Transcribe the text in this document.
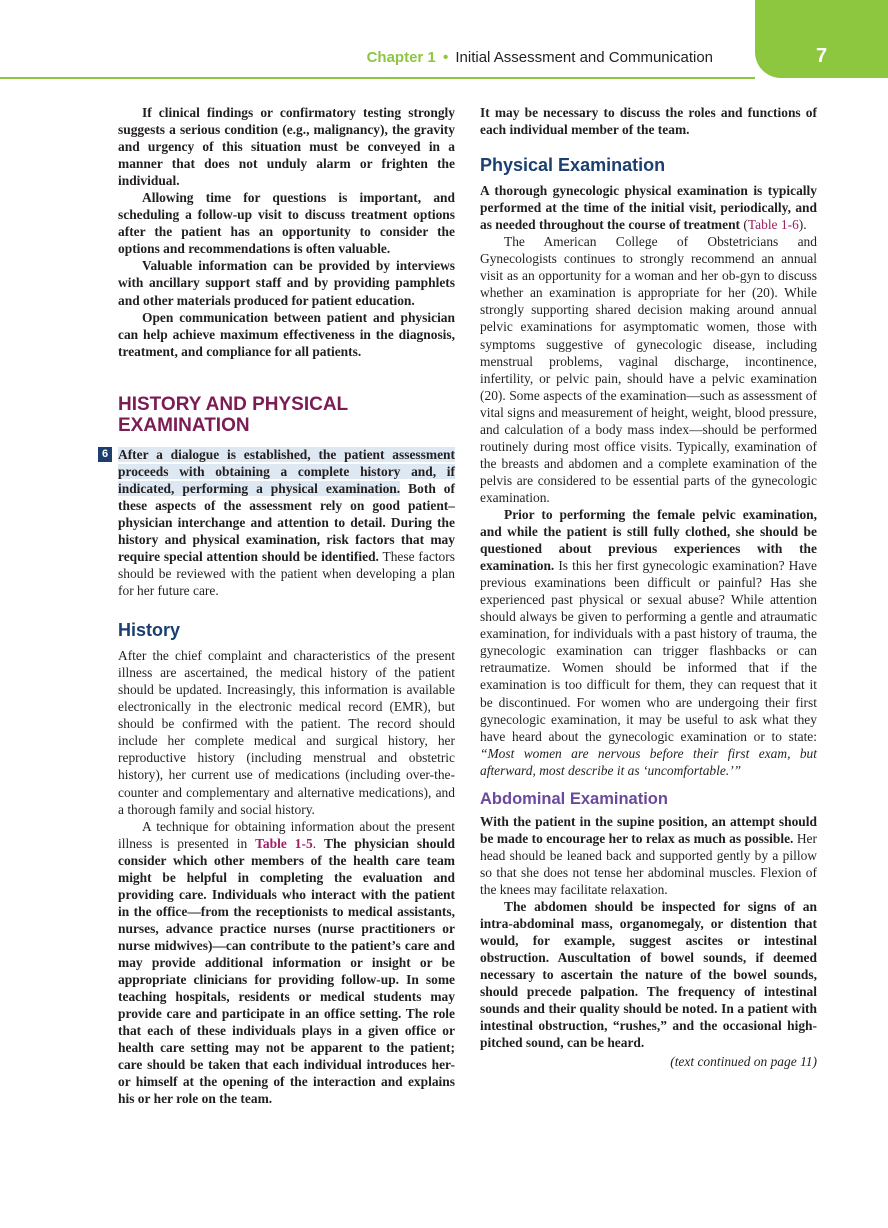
Chapter 1 • Initial Assessment and Communication	7

If clinical findings or confirmatory testing strongly suggests a serious condition (e.g., malignancy), the gravity and urgency of this situation must be conveyed in a manner that does not unduly alarm or frighten the individual.

Allowing time for questions is important, and scheduling a follow-up visit to discuss treatment options after the patient has an opportunity to consider the options and recommendations is often valuable.

Valuable information can be provided by interviews with ancillary support staff and by providing pamphlets and other materials produced for patient education.

Open communication between patient and physician can help achieve maximum effectiveness in the diagnosis, treatment, and compliance for all patients.

HISTORY AND PHYSICAL EXAMINATION

6 After a dialogue is established, the patient assessment proceeds with obtaining a complete history and, if indicated, performing a physical examination. Both of these aspects of the assessment rely on good patient–physician interchange and attention to detail. During the history and physical examination, risk factors that may require special attention should be identified. These factors should be reviewed with the patient when developing a plan for her future care.

History

After the chief complaint and characteristics of the present illness are ascertained, the medical history of the patient should be updated. Increasingly, this information is available electronically in the electronic medical record (EMR), but should be confirmed with the patient. The record should include her complete medical and surgical history, her reproductive history (including menstrual and obstetric history), her current use of medications (including over-the-counter and complementary and alternative medications), and a thorough family and social history.

A technique for obtaining information about the present illness is presented in Table 1-5. The physician should consider which other members of the health care team might be helpful in completing the evaluation and providing care. Individuals who interact with the patient in the office—from the receptionists to medical assistants, nurses, advance practice nurses (nurse practitioners or nurse midwives)—can contribute to the patient’s care and may provide additional information or insight or be appropriate clinicians for providing follow-up. In some teaching hospitals, residents or medical students may provide care and participate in an office setting. The role that each of these individuals plays in a given office or health care setting may not be apparent to the patient; care should be taken that each individual introduces her- or himself at the opening of the interaction and explains his or her role on the team.

It may be necessary to discuss the roles and functions of each individual member of the team.

Physical Examination

A thorough gynecologic physical examination is typically performed at the time of the initial visit, periodically, and as needed throughout the course of treatment (Table 1-6).

The American College of Obstetricians and Gynecologists continues to strongly recommend an annual visit as an opportunity for a woman and her ob-gyn to discuss whether an examination is appropriate for her (20). While strongly supporting shared decision making around annual pelvic examinations for asymptomatic women, those with symptoms suggestive of gynecologic disease, including menstrual problems, vaginal discharge, incontinence, infertility, or pelvic pain, should have a pelvic examination (20). Some aspects of the examination—such as assessment of vital signs and measurement of height, weight, blood pressure, and calculation of a body mass index—should be performed routinely during most office visits. Typically, examination of the breasts and abdomen and a complete examination of the pelvis are considered to be essential parts of the gynecologic examination.

Prior to performing the female pelvic examination, and while the patient is still fully clothed, she should be questioned about previous experiences with the examination. Is this her first gynecologic examination? Have previous examinations been difficult or painful? Has she experienced past physical or sexual abuse? While attention should always be given to performing a gentle and atraumatic examination, for individuals with a past history of trauma, the gynecologic examination can trigger flashbacks or can retraumatize. Women should be informed that if the examination is too difficult for them, they can request that it be discontinued. For women who are undergoing their first gynecologic examination, it may be useful to ask what they have heard about the gynecologic examination or to state: “Most women are nervous before their first exam, but afterward, most describe it as ‘uncomfortable.’”

Abdominal Examination

With the patient in the supine position, an attempt should be made to encourage her to relax as much as possible. Her head should be leaned back and supported gently by a pillow so that she does not tense her abdominal muscles. Flexion of the knees may facilitate relaxation.

The abdomen should be inspected for signs of an intra-abdominal mass, organomegaly, or distention that would, for example, suggest ascites or intestinal obstruction. Auscultation of bowel sounds, if deemed necessary to ascertain the nature of the bowel sounds, should precede palpation. The frequency of intestinal sounds and their quality should be noted. In a patient with intestinal obstruction, “rushes,” and the occasional high-pitched sound, can be heard.

(text continued on page 11)
